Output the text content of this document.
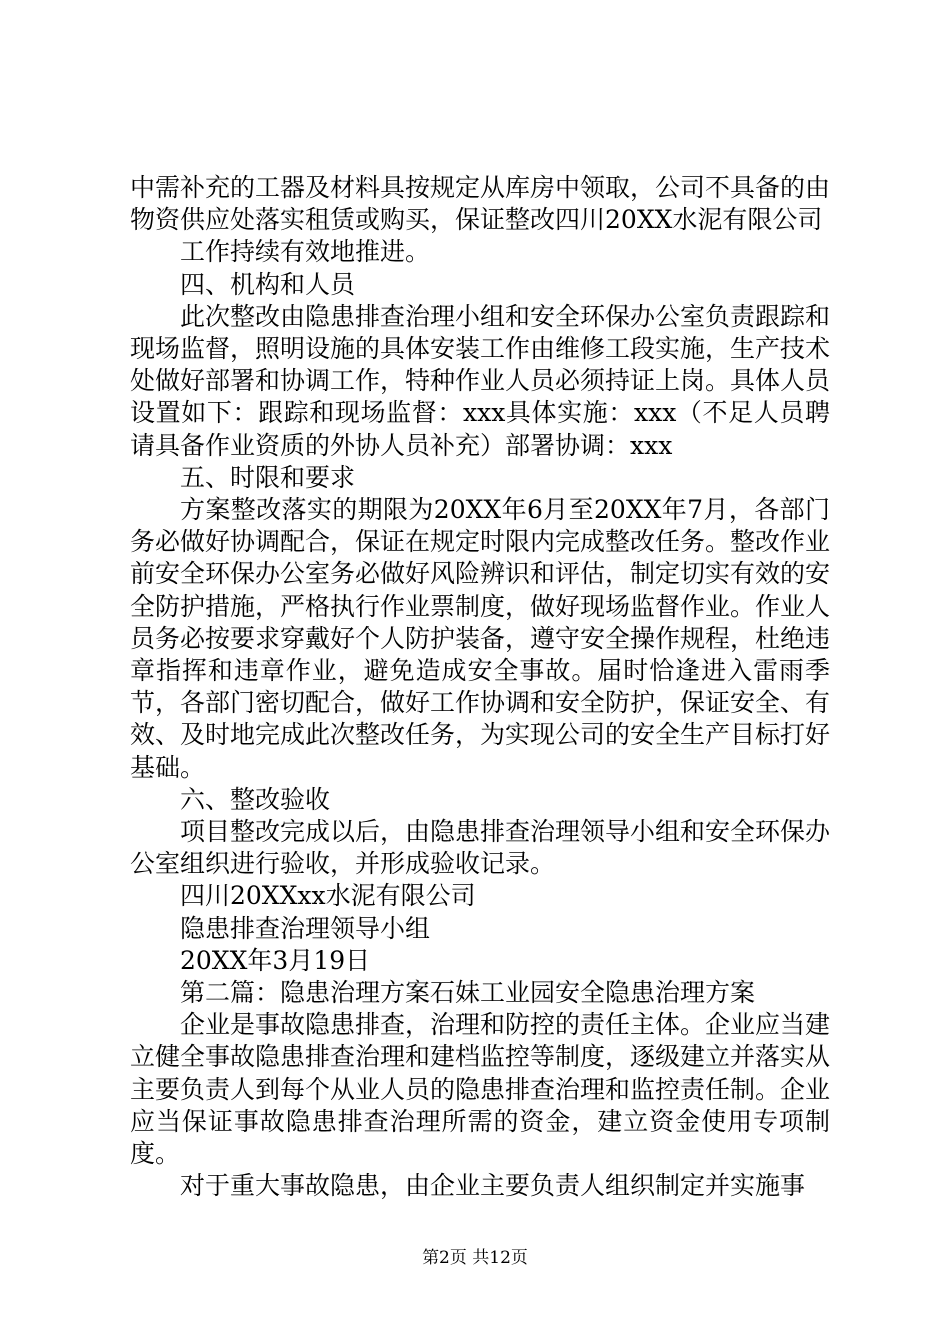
中需补充的工器及材料具按规定从库房中领取，公司不具备的由物资供应处落实租赁或购买，保证整改四川20XX水泥有限公司

工作持续有效地推进。

四、机构和人员

此次整改由隐患排查治理小组和安全环保办公室负责跟踪和现场监督，照明设施的具体安装工作由维修工段实施，生产技术处做好部署和协调工作，特种作业人员必须持证上岗。具体人员设置如下：跟踪和现场监督：xxx具体实施：xxx（不足人员聘请具备作业资质的外协人员补充）部署协调：xxx

五、时限和要求

方案整改落实的期限为20XX年6月至20XX年7月，各部门务必做好协调配合，保证在规定时限内完成整改任务。整改作业前安全环保办公室务必做好风险辨识和评估，制定切实有效的安全防护措施，严格执行作业票制度，做好现场监督作业。作业人员务必按要求穿戴好个人防护装备，遵守安全操作规程，杜绝违章指挥和违章作业，避免造成安全事故。届时恰逢进入雷雨季节，各部门密切配合，做好工作协调和安全防护，保证安全、有效、及时地完成此次整改任务，为实现公司的安全生产目标打好基础。

六、整改验收

项目整改完成以后，由隐患排查治理领导小组和安全环保办公室组织进行验收，并形成验收记录。

四川20XXxx水泥有限公司

隐患排查治理领导小组

20XX年3月19日

第二篇：隐患治理方案石妹工业园安全隐患治理方案

企业是事故隐患排查，治理和防控的责任主体。企业应当建立健全事故隐患排查治理和建档监控等制度，逐级建立并落实从主要负责人到每个从业人员的隐患排查治理和监控责任制。企业应当保证事故隐患排查治理所需的资金，建立资金使用专项制度。

对于重大事故隐患，由企业主要负责人组织制定并实施事

第2页 共12页
